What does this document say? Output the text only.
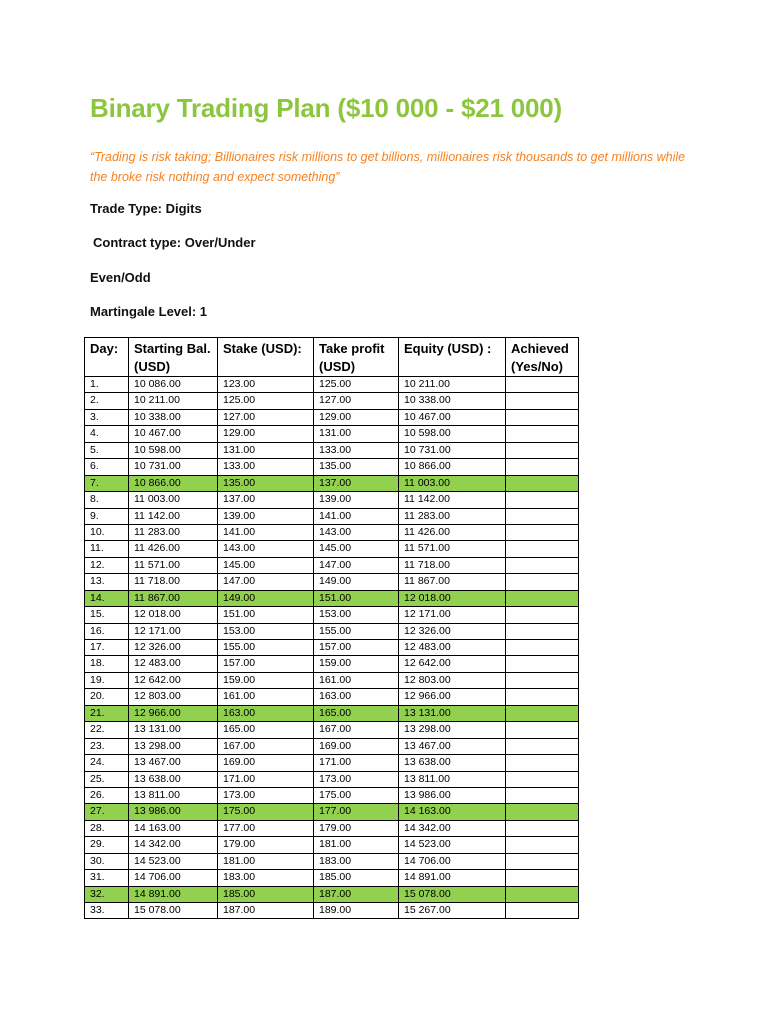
Binary Trading Plan ($10 000 - $21 000)
“Trading is risk taking; Billionaires risk millions to get billions, millionaires risk thousands to get millions while the broke risk nothing and expect something”
Trade Type: Digits
Contract type: Over/Under
Even/Odd
Martingale Level: 1
Day:	Starting Bal. (USD)	Stake (USD):	Take profit (USD)	Equity (USD) :	Achieved (Yes/No)
1.	10 086.00	123.00	125.00	10 211.00	
2.	10 211.00	125.00	127.00	10 338.00	
3.	10 338.00	127.00	129.00	10 467.00	
4.	10 467.00	129.00	131.00	10 598.00	
5.	10 598.00	131.00	133.00	10 731.00	
6.	10 731.00	133.00	135.00	10 866.00	
7.	10 866.00	135.00	137.00	11 003.00	
8.	11 003.00	137.00	139.00	11 142.00	
9.	11 142.00	139.00	141.00	11 283.00	
10.	11 283.00	141.00	143.00	11 426.00	
11.	11 426.00	143.00	145.00	11 571.00	
12.	11 571.00	145.00	147.00	11 718.00	
13.	11 718.00	147.00	149.00	11 867.00	
14.	11 867.00	149.00	151.00	12 018.00	
15.	12 018.00	151.00	153.00	12 171.00	
16.	12 171.00	153.00	155.00	12 326.00	
17.	12 326.00	155.00	157.00	12 483.00	
18.	12 483.00	157.00	159.00	12 642.00	
19.	12 642.00	159.00	161.00	12 803.00	
20.	12 803.00	161.00	163.00	12 966.00	
21.	12 966.00	163.00	165.00	13 131.00	
22.	13 131.00	165.00	167.00	13 298.00	
23.	13 298.00	167.00	169.00	13 467.00	
24.	13 467.00	169.00	171.00	13 638.00	
25.	13 638.00	171.00	173.00	13 811.00	
26.	13 811.00	173.00	175.00	13 986.00	
27.	13 986.00	175.00	177.00	14 163.00	
28.	14 163.00	177.00	179.00	14 342.00	
29.	14 342.00	179.00	181.00	14 523.00	
30.	14 523.00	181.00	183.00	14 706.00	
31.	14 706.00	183.00	185.00	14 891.00	
32.	14 891.00	185.00	187.00	15 078.00	
33.	15 078.00	187.00	189.00	15 267.00	
